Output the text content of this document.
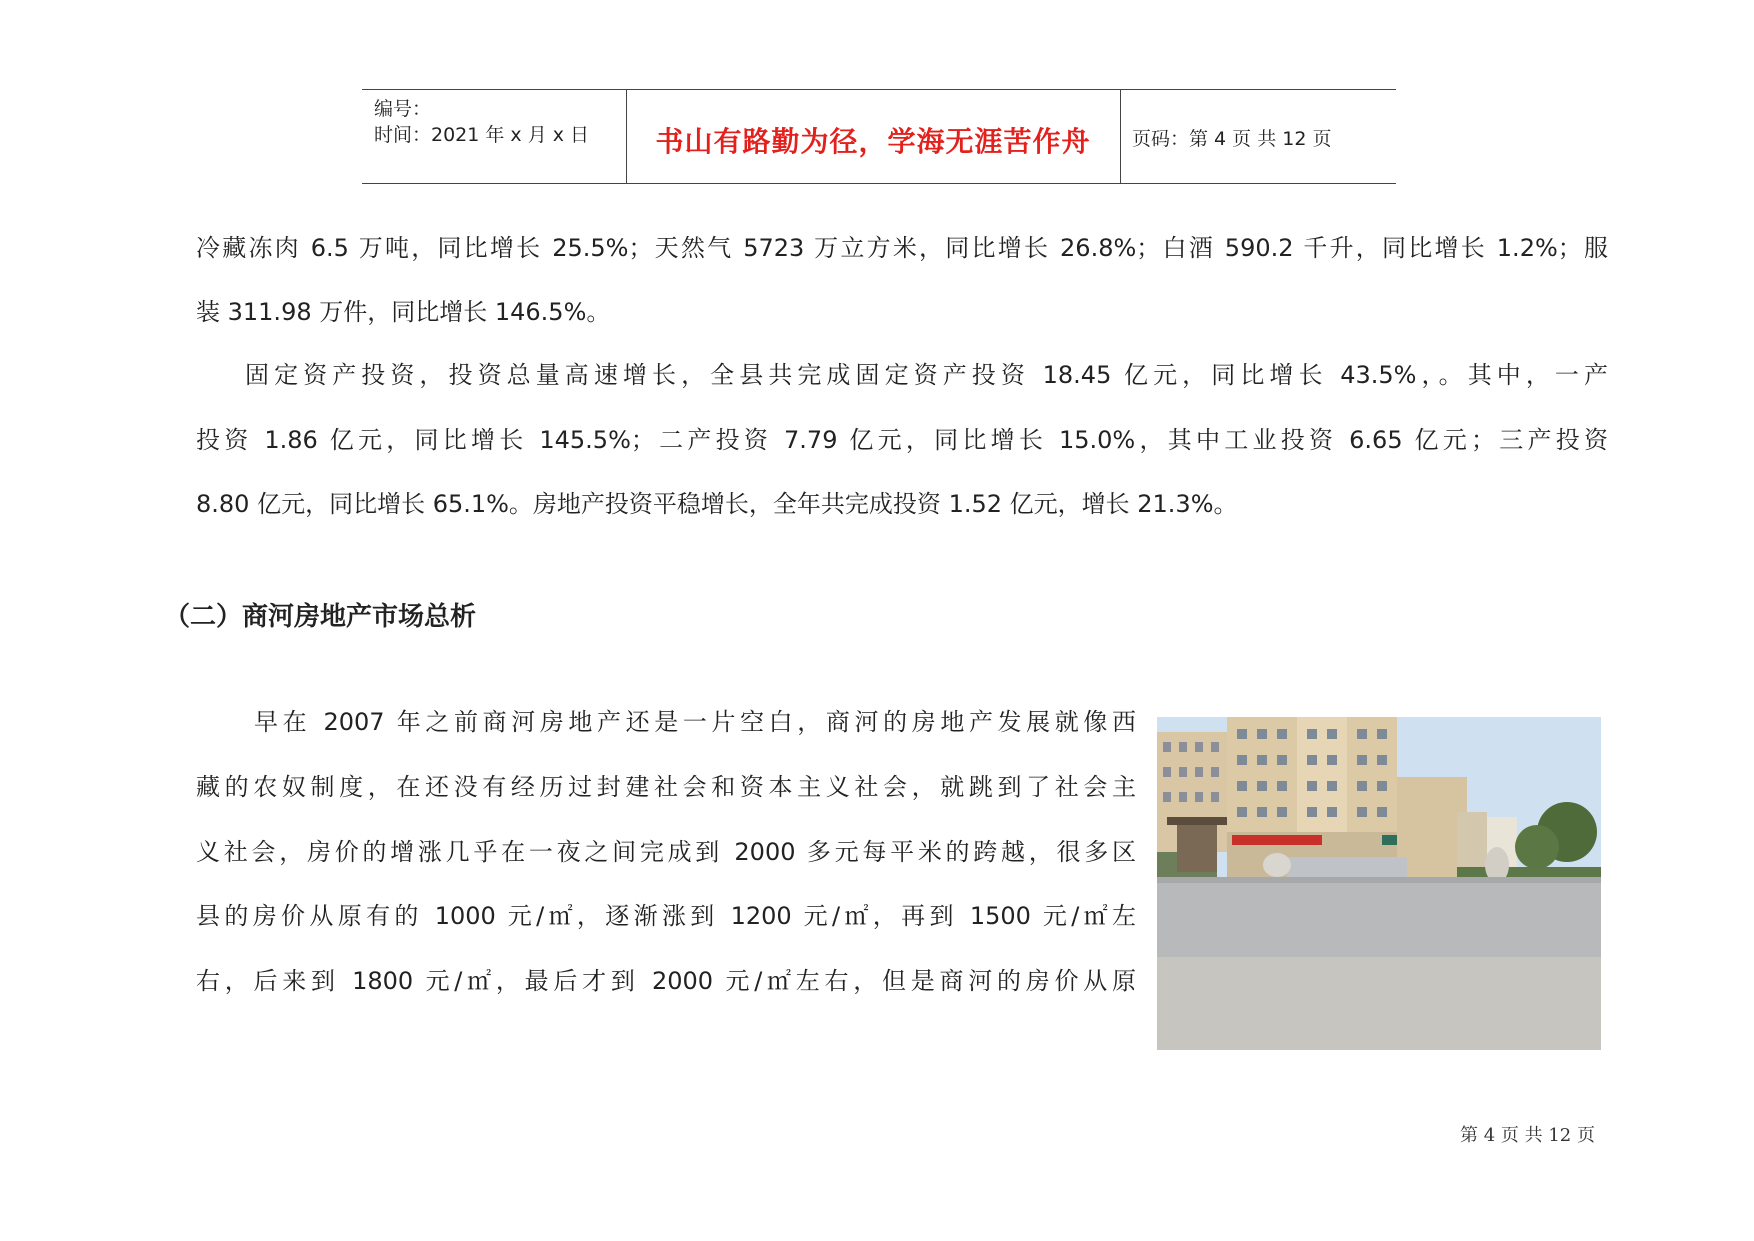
编号：
时间：2021 年 x 月 x 日	书山有路勤为径，学海无涯苦作舟	页码：第 4 页 共 12 页
冷藏冻肉 6.5 万吨，同比增长 25.5%；天然气 5723 万立方米，同比增长 26.8%；白酒 590.2 千升，同比增长 1.2%；服
装 311.98 万件，同比增长 146.5%。
固定资产投资，投资总量高速增长，全县共完成固定资产投资 18.45 亿元，同比增长 43.5%，。其中，一产
投资 1.86 亿元，同比增长 145.5%；二产投资 7.79 亿元，同比增长 15.0%，其中工业投资 6.65 亿元；三产投资
8.80 亿元，同比增长 65.1%。房地产投资平稳增长，全年共完成投资 1.52 亿元，增长 21.3%。
（二）商河房地产市场总析
早在 2007 年之前商河房地产还是一片空白，商河的房地产发展就像西
藏的农奴制度，在还没有经历过封建社会和资本主义社会，就跳到了社会主
义社会，房价的增涨几乎在一夜之间完成到 2000 多元每平米的跨越，很多区
县的房价从原有的 1000 元/㎡，逐渐涨到 1200 元/㎡，再到 1500 元/㎡左
右，后来到 1800 元/㎡，最后才到 2000 元/㎡左右，但是商河的房价从原
第 4 页 共 12 页
